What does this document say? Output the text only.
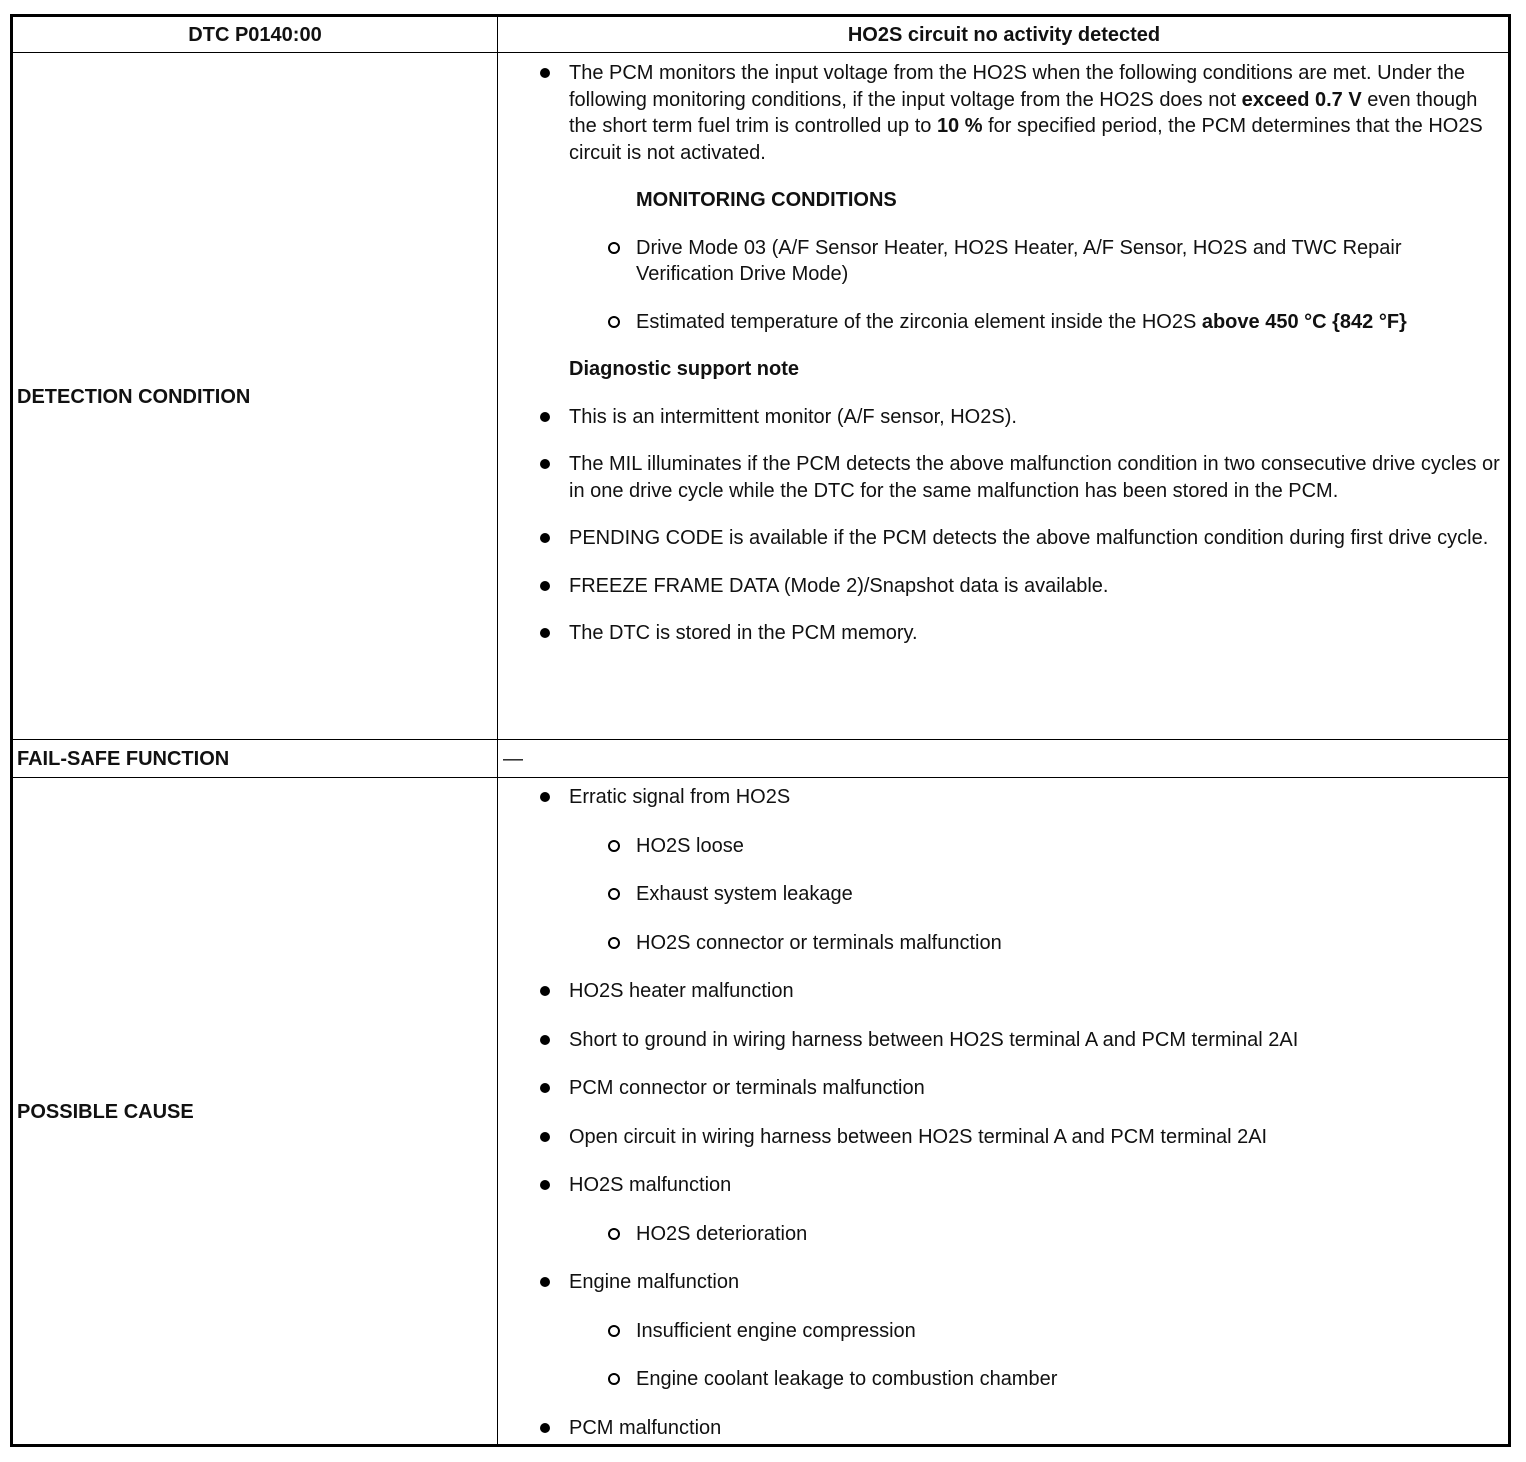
DTC P0140:00	HO2S circuit no activity detected
DETECTION CONDITION
FAIL-SAFE FUNCTION
POSSIBLE CAUSE

The PCM monitors the input voltage from the HO2S when the following conditions are met. Under the following monitoring conditions, if the input voltage from the HO2S does not exceed 0.7 V even though the short term fuel trim is controlled up to 10 % for specified period, the PCM determines that the HO2S circuit is not activated.

MONITORING CONDITIONS

Drive Mode 03 (A/F Sensor Heater, HO2S Heater, A/F Sensor, HO2S and TWC Repair Verification Drive Mode)

Estimated temperature of the zirconia element inside the HO2S above 450 °C {842 °F}

Diagnostic support note

This is an intermittent monitor (A/F sensor, HO2S).

The MIL illuminates if the PCM detects the above malfunction condition in two consecutive drive cycles or in one drive cycle while the DTC for the same malfunction has been stored in the PCM.

PENDING CODE is available if the PCM detects the above malfunction condition during first drive cycle.

FREEZE FRAME DATA (Mode 2)/Snapshot data is available.

The DTC is stored in the PCM memory.

—

Erratic signal from HO2S

HO2S loose

Exhaust system leakage

HO2S connector or terminals malfunction

HO2S heater malfunction

Short to ground in wiring harness between HO2S terminal A and PCM terminal 2AI

PCM connector or terminals malfunction

Open circuit in wiring harness between HO2S terminal A and PCM terminal 2AI

HO2S malfunction

HO2S deterioration

Engine malfunction

Insufficient engine compression

Engine coolant leakage to combustion chamber

PCM malfunction
